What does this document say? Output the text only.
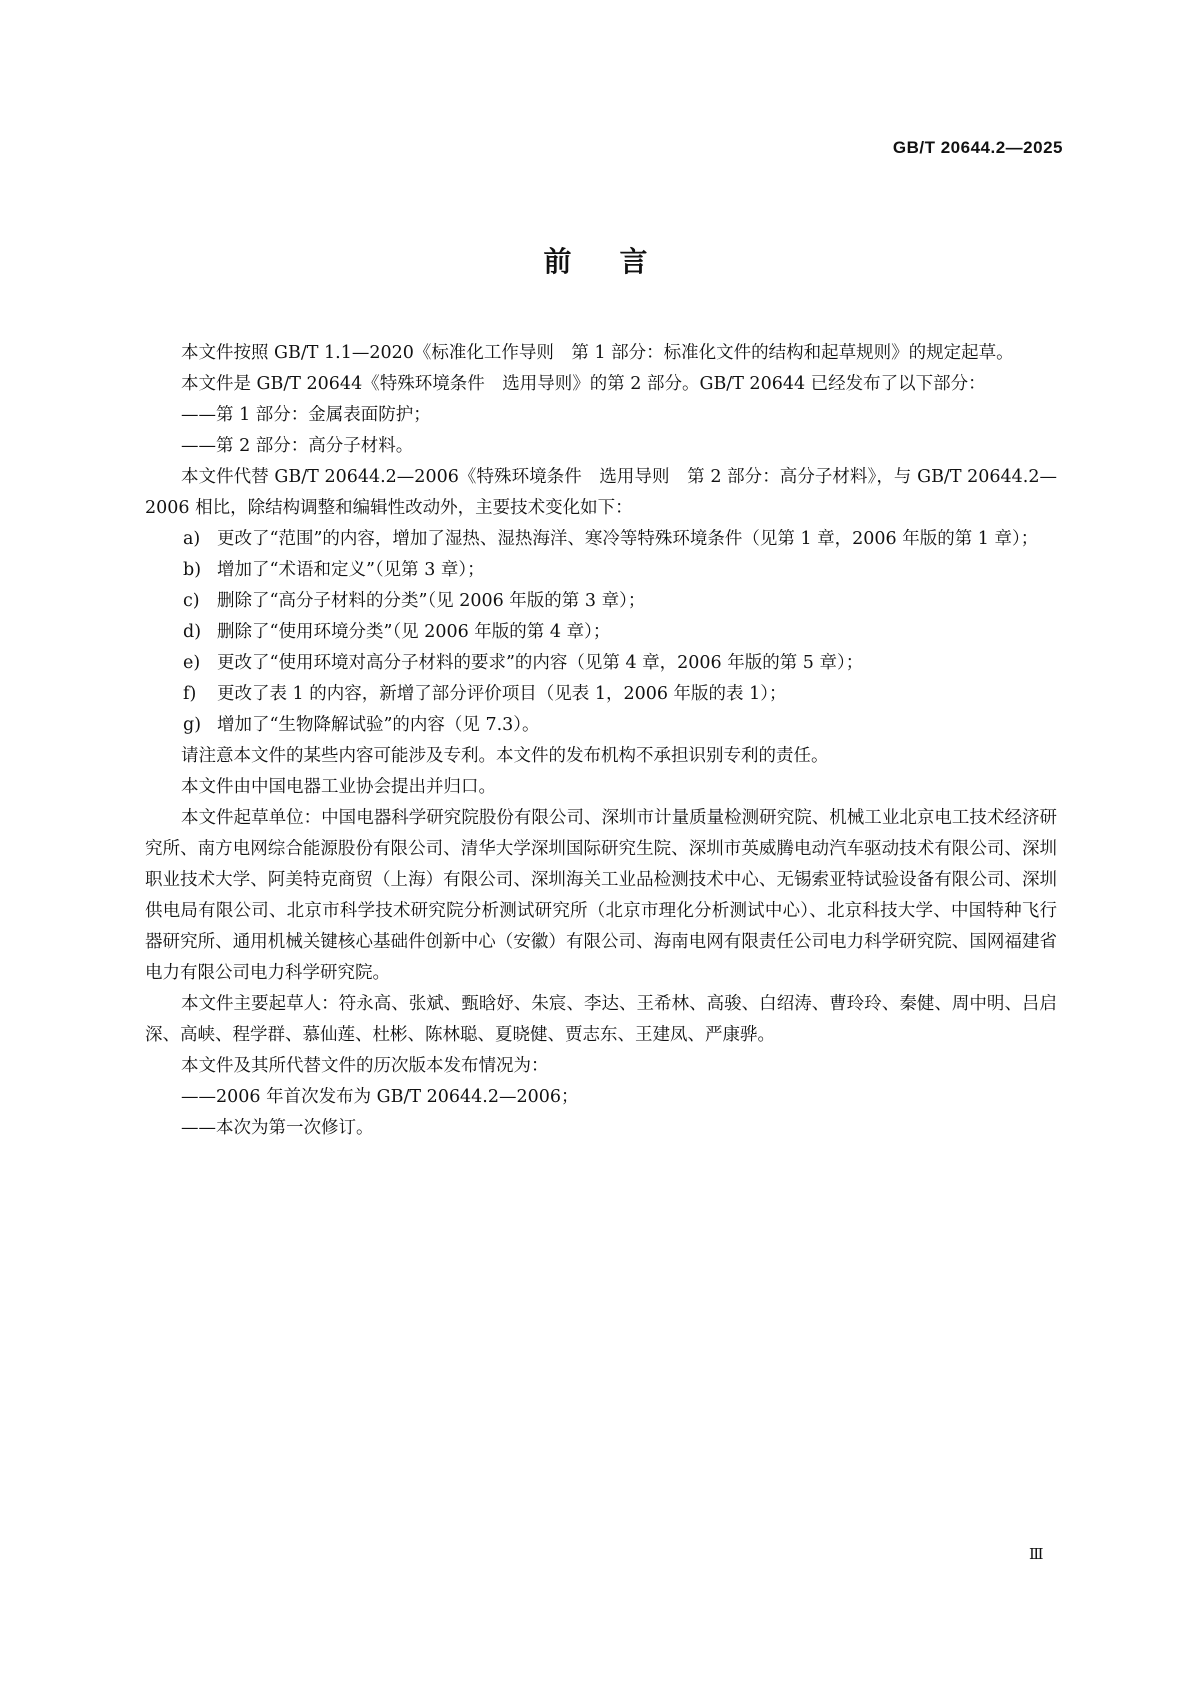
GB/T 20644.2—2025
前言

本文件按照 GB/T 1.1—2020《标准化工作导则　第 1 部分：标准化文件的结构和起草规则》的规定起草。

本文件是 GB/T 20644《特殊环境条件　选用导则》的第 2 部分。GB/T 20644 已经发布了以下部分：

——第 1 部分：金属表面防护；

——第 2 部分：高分子材料。

本文件代替 GB/T 20644.2—2006《特殊环境条件　选用导则　第 2 部分：高分子材料》，与 GB/T 20644.2—2006 相比，除结构调整和编辑性改动外，主要技术变化如下：

a) 更改了“范围”的内容，增加了湿热、湿热海洋、寒冷等特殊环境条件（见第 1 章，2006 年版的第 1 章）；

b) 增加了“术语和定义”（见第 3 章）；

c) 删除了“高分子材料的分类”（见 2006 年版的第 3 章）；

d) 删除了“使用环境分类”（见 2006 年版的第 4 章）；

e) 更改了“使用环境对高分子材料的要求”的内容（见第 4 章，2006 年版的第 5 章）；

f) 更改了表 1 的内容，新增了部分评价项目（见表 1，2006 年版的表 1）；

g) 增加了“生物降解试验”的内容（见 7.3）。

请注意本文件的某些内容可能涉及专利。本文件的发布机构不承担识别专利的责任。

本文件由中国电器工业协会提出并归口。

本文件起草单位：中国电器科学研究院股份有限公司、深圳市计量质量检测研究院、机械工业北京电工技术经济研究所、南方电网综合能源股份有限公司、清华大学深圳国际研究生院、深圳市英威腾电动汽车驱动技术有限公司、深圳职业技术大学、阿美特克商贸（上海）有限公司、深圳海关工业品检测技术中心、无锡索亚特试验设备有限公司、深圳供电局有限公司、北京市科学技术研究院分析测试研究所（北京市理化分析测试中心）、北京科技大学、中国特种飞行器研究所、通用机械关键核心基础件创新中心（安徽）有限公司、海南电网有限责任公司电力科学研究院、国网福建省电力有限公司电力科学研究院。

本文件主要起草人：符永高、张斌、甄晗妤、朱宸、李达、王希林、高骏、白绍涛、曹玲玲、秦健、周中明、吕启深、高峡、程学群、慕仙莲、杜彬、陈林聪、夏晓健、贾志东、王建凤、严康骅。

本文件及其所代替文件的历次版本发布情况为：

——2006 年首次发布为 GB/T 20644.2—2006；

——本次为第一次修订。

Ⅲ
